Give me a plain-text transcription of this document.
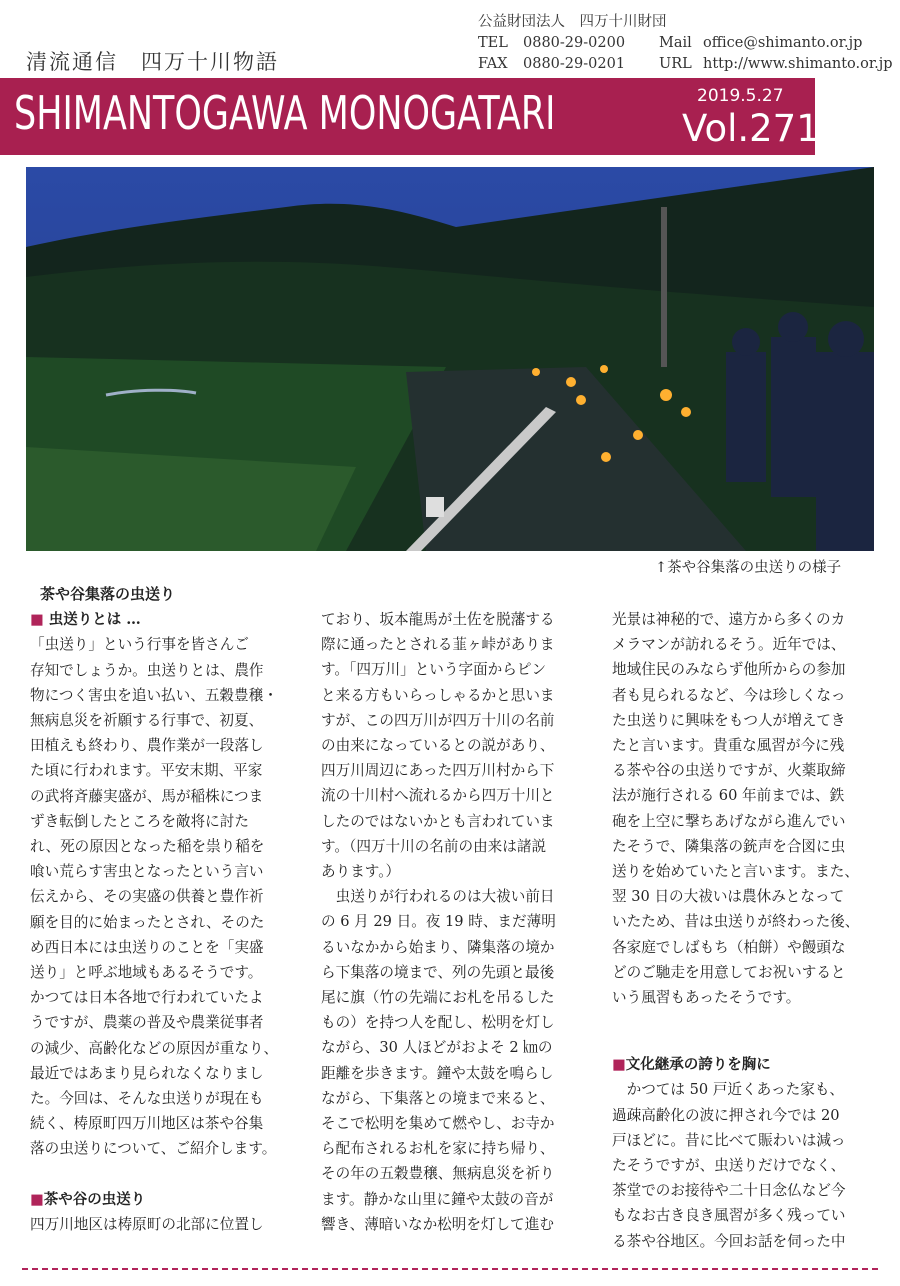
清流通信　四万十川物語
公益財団法人　四万十川財団
TEL	0880-29-0200	Mail office@shimanto.or.jp
FAX	0880-29-0201	URL http://www.shimanto.or.jp
SHIMANTOGAWA MONOGATARI	2019.5.27
Vol.271
↑茶や谷集落の虫送りの様子

茶や谷集落の虫送り

■ 虫送りとは …

「虫送り」という行事を皆さんご

存知でしょうか。虫送りとは、農作

物につく害虫を追い払い、五穀豊穣・

無病息災を祈願する行事で、初夏、

田植えも終わり、農作業が一段落し

た頃に行われます。平安末期、平家

の武将斉藤実盛が、馬が稲株につま

ずき転倒したところを敵将に討た

れ、死の原因となった稲を祟り稲を

喰い荒らす害虫となったという言い

伝えから、その実盛の供養と豊作祈

願を目的に始まったとされ、そのた

め西日本には虫送りのことを「実盛

送り」と呼ぶ地域もあるそうです。

かつては日本各地で行われていたよ

うですが、農薬の普及や農業従事者

の減少、高齢化などの原因が重なり、

最近ではあまり見られなくなりまし

た。今回は、そんな虫送りが現在も

続く、梼原町四万川地区は茶や谷集

落の虫送りについて、ご紹介します。

■茶や谷の虫送り

四万川地区は梼原町の北部に位置し

ており、坂本龍馬が土佐を脱藩する

際に通ったとされる韮ヶ峠がありま

す。「四万川」という字面からピン

と来る方もいらっしゃるかと思いま

すが、この四万川が四万十川の名前

の由来になっているとの説があり、

四万川周辺にあった四万川村から下

流の十川村へ流れるから四万十川と

したのではないかとも言われていま

す。（四万十川の名前の由来は諸説

あります。）

　虫送りが行われるのは大祓い前日

の 6 月 29 日。夜 19 時、まだ薄明

るいなかから始まり、隣集落の境か

ら下集落の境まで、列の先頭と最後

尾に旗（竹の先端にお札を吊るした

もの）を持つ人を配し、松明を灯し

ながら、30 人ほどがおよそ 2 ㎞の

距離を歩きます。鐘や太鼓を鳴らし

ながら、下集落との境まで来ると、

そこで松明を集めて燃やし、お寺か

ら配布されるお札を家に持ち帰り、

その年の五穀豊穣、無病息災を祈り

ます。静かな山里に鐘や太鼓の音が

響き、薄暗いなか松明を灯して進む

光景は神秘的で、遠方から多くのカ

メラマンが訪れるそう。近年では、

地域住民のみならず他所からの参加

者も見られるなど、今は珍しくなっ

た虫送りに興味をもつ人が増えてき

たと言います。貴重な風習が今に残

る茶や谷の虫送りですが、火薬取締

法が施行される 60 年前までは、鉄

砲を上空に撃ちあげながら進んでい

たそうで、隣集落の銃声を合図に虫

送りを始めていたと言います。また、

翌 30 日の大祓いは農休みとなって

いたため、昔は虫送りが終わった後、

各家庭でしばもち（柏餅）や饅頭な

どのご馳走を用意してお祝いすると

いう風習もあったそうです。

■文化継承の誇りを胸に

　かつては 50 戸近くあった家も、

過疎高齢化の波に押され今では 20

戸ほどに。昔に比べて賑わいは減っ

たそうですが、虫送りだけでなく、

茶堂でのお接待や二十日念仏など今

もなお古き良き風習が多く残ってい

る茶や谷地区。今回お話を伺った中
